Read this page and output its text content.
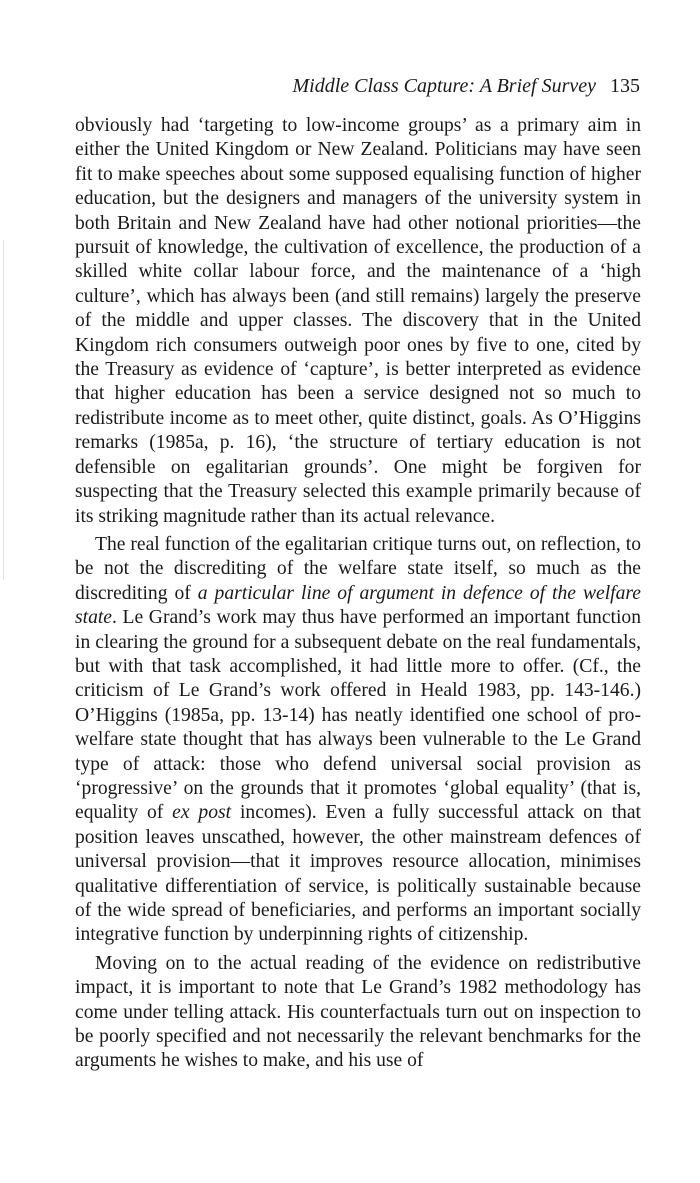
Middle Class Capture: A Brief Survey 135

obviously had ‘targeting to low-income groups’ as a primary aim in either the United Kingdom or New Zealand. Politicians may have seen fit to make speeches about some supposed equalising function of higher education, but the designers and managers of the university system in both Britain and New Zealand have had other notional priorities—the pursuit of knowledge, the cultivation of excellence, the production of a skilled white collar labour force, and the maintenance of a ‘high culture’, which has always been (and still remains) largely the preserve of the middle and upper classes. The discovery that in the United Kingdom rich consumers outweigh poor ones by five to one, cited by the Treasury as evidence of ‘capture’, is better interpreted as evidence that higher education has been a service designed not so much to redistribute income as to meet other, quite distinct, goals. As O’Higgins remarks (1985a, p. 16), ‘the structure of tertiary education is not defensible on egalitarian grounds’. One might be forgiven for suspecting that the Treasury selected this example primarily because of its striking magnitude rather than its actual relevance.

The real function of the egalitarian critique turns out, on reflection, to be not the discrediting of the welfare state itself, so much as the discrediting of a particular line of argument in defence of the welfare state. Le Grand’s work may thus have performed an important function in clearing the ground for a subsequent debate on the real fundamentals, but with that task accomplished, it had little more to offer. (Cf., the criticism of Le Grand’s work offered in Heald 1983, pp. 143-146.) O’Higgins (1985a, pp. 13-14) has neatly identified one school of pro-welfare state thought that has always been vulnerable to the Le Grand type of attack: those who defend universal social provision as ‘progressive’ on the grounds that it promotes ‘global equality’ (that is, equality of ex post incomes). Even a fully successful attack on that position leaves unscathed, however, the other mainstream defences of universal provision—that it improves resource allocation, minimises qualitative differentiation of service, is politically sustainable because of the wide spread of beneficiaries, and performs an important socially integrative function by underpinning rights of citizenship.

Moving on to the actual reading of the evidence on redistributive impact, it is important to note that Le Grand’s 1982 methodology has come under telling attack. His counterfactuals turn out on inspection to be poorly specified and not necessarily the relevant benchmarks for the arguments he wishes to make, and his use of
